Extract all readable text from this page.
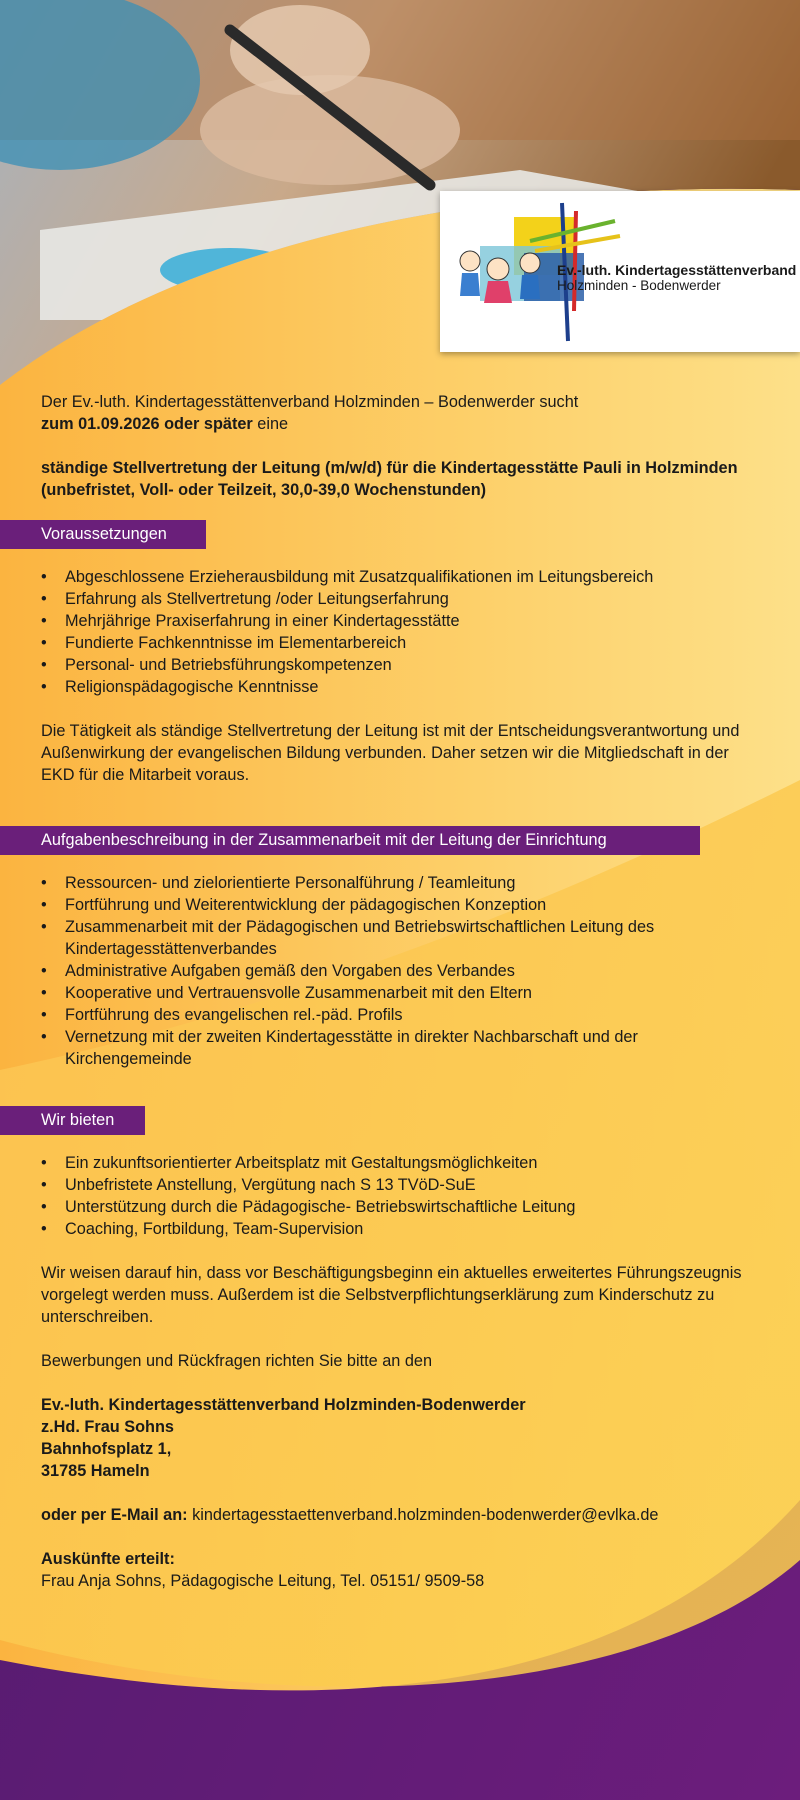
Ev.-luth. Kindertagesstättenverband
Holzminden - Bodenwerder

Der Ev.-luth. Kindertagesstättenverband Holzminden – Bodenwerder sucht

zum 01.09.2026 oder später eine

ständige Stellvertretung der Leitung (m/w/d) für die Kindertagesstätte Pauli in Holzminden (unbefristet, Voll- oder Teilzeit, 30,0-39,0 Wochenstunden)

Voraussetzungen
• Abgeschlossene Erzieherausbildung mit Zusatzqualifikationen im Leitungsbereich
• Erfahrung als Stellvertretung /oder Leitungserfahrung
• Mehrjährige Praxiserfahrung in einer Kindertagesstätte
• Fundierte Fachkenntnisse im Elementarbereich
• Personal- und Betriebsführungskompetenzen
• Religionspädagogische Kenntnisse

Die Tätigkeit als ständige Stellvertretung der Leitung ist mit der Entscheidungsverantwortung und Außenwirkung der evangelischen Bildung verbunden. Daher setzen wir die Mitgliedschaft in der EKD für die Mitarbeit voraus.

Aufgabenbeschreibung in der Zusammenarbeit mit der Leitung der Einrichtung
• Ressourcen- und zielorientierte Personalführung / Teamleitung
• Fortführung und Weiterentwicklung der pädagogischen Konzeption
• Zusammenarbeit mit der Pädagogischen und Betriebswirtschaftlichen Leitung des Kindertagesstättenverbandes
• Administrative Aufgaben gemäß den Vorgaben des Verbandes
• Kooperative und Vertrauensvolle Zusammenarbeit mit den Eltern
• Fortführung des evangelischen rel.-päd. Profils
• Vernetzung mit der zweiten Kindertagesstätte in direkter Nachbarschaft und der Kirchengemeinde
Wir bieten
• Ein zukunftsorientierter Arbeitsplatz mit Gestaltungsmöglichkeiten
• Unbefristete Anstellung, Vergütung nach S 13 TVöD-SuE
• Unterstützung durch die Pädagogische- Betriebswirtschaftliche Leitung
• Coaching, Fortbildung, Team-Supervision

Wir weisen darauf hin, dass vor Beschäftigungsbeginn ein aktuelles erweitertes Führungszeugnis vorgelegt werden muss. Außerdem ist die Selbstverpflichtungserklärung zum Kinderschutz zu unterschreiben.

Bewerbungen und Rückfragen richten Sie bitte an den

Ev.-luth. Kindertagesstättenverband Holzminden-Bodenwerder

z.Hd. Frau Sohns

Bahnhofsplatz 1,

31785 Hameln

oder per E-Mail an: kindertagesstaettenverband.holzminden-bodenwerder@evlka.de

Auskünfte erteilt:

Frau Anja Sohns, Pädagogische Leitung, Tel. 05151/ 9509-58
